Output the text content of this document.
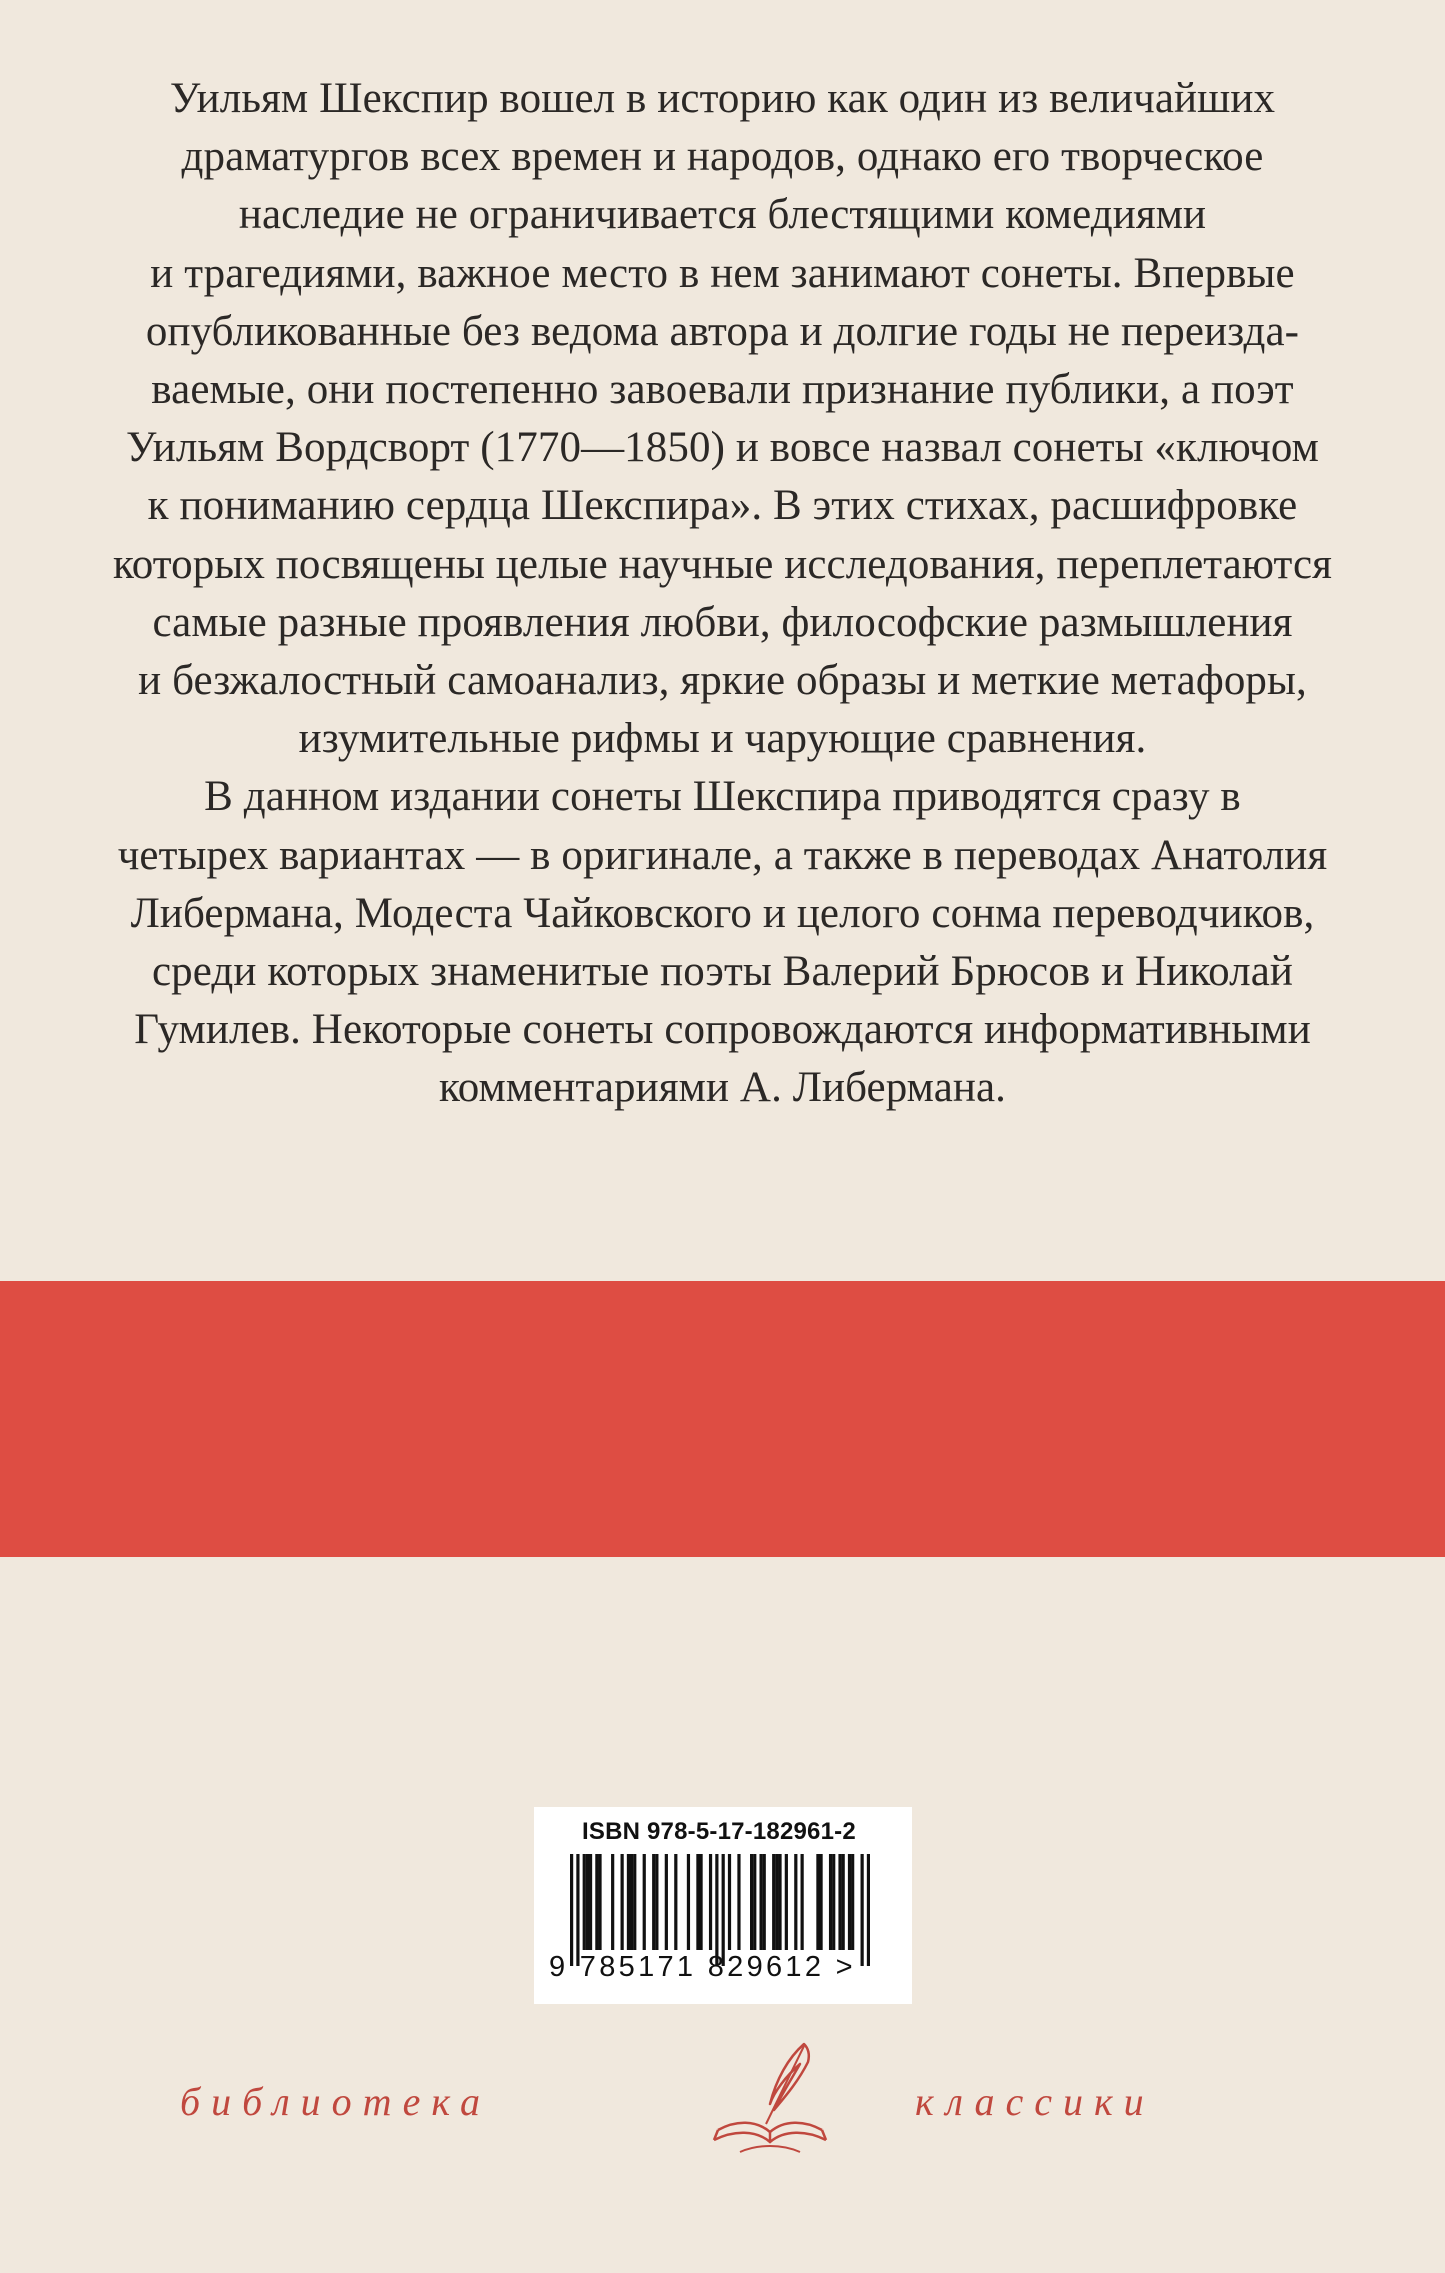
Уильям Шекспир вошел в историю как один из величайших
драматургов всех времен и народов, однако его творческое
наследие не ограничивается блестящими комедиями
и трагедиями, важное место в нем занимают сонеты. Впервые
опубликованные без ведома автора и долгие годы не переизда-
ваемые, они постепенно завоевали признание публики, а поэт
Уильям Вордсворт (1770—1850) и вовсе назвал сонеты «ключом
к пониманию сердца Шекспира». В этих стихах, расшифровке
которых посвящены целые научные исследования, переплетаются
самые разные проявления любви, философские размышления
и безжалостный самоанализ, яркие образы и меткие метафоры,
изумительные рифмы и чарующие сравнения.
В данном издании сонеты Шекспира приводятся сразу в
четырех вариантах — в оригинале, а также в переводах Анатолия
Либермана, Модеста Чайковского и целого сонма переводчиков,
среди которых знаменитые поэты Валерий Брюсов и Николай
Гумилев. Некоторые сонеты сопровождаются информативными
комментариями А. Либермана.
ISBN 978-5-17-182961-2
9 785171 829612 >
библиотека	классики
